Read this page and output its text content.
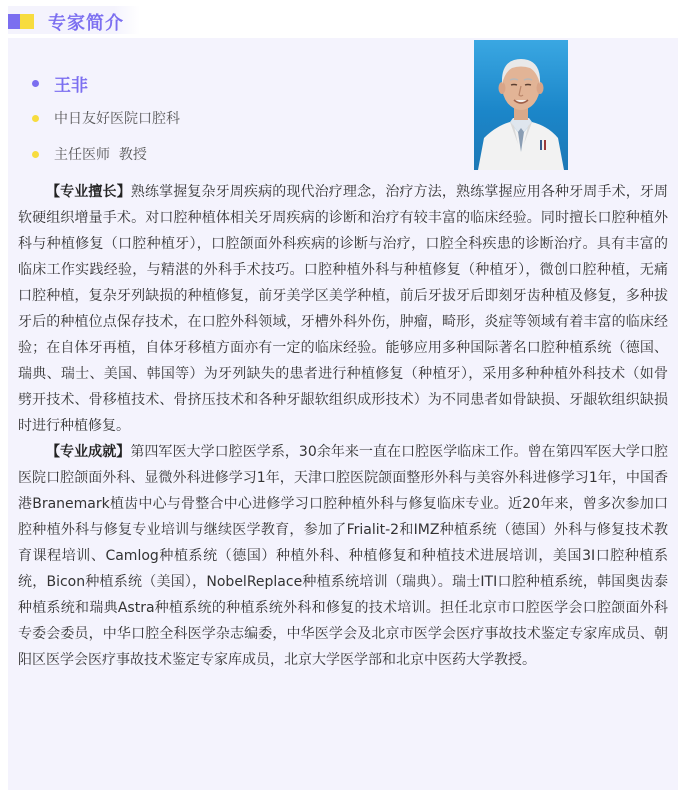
专家简介
王非
中日友好医院口腔科
主任医师  教授

【专业擅长】熟练掌握复杂牙周疾病的现代治疗理念，治疗方法，熟练掌握应用各种牙周手术，牙周软硬组织增量手术。对口腔种植体相关牙周疾病的诊断和治疗有较丰富的临床经验。同时擅长口腔种植外科与种植修复（口腔种植牙），口腔颌面外科疾病的诊断与治疗，口腔全科疾患的诊断治疗。具有丰富的临床工作实践经验，与精湛的外科手术技巧。口腔种植外科与种植修复（种植牙），微创口腔种植，无痛口腔种植，复杂牙列缺损的种植修复，前牙美学区美学种植，前后牙拔牙后即刻牙齿种植及修复，多种拔牙后的种植位点保存技术，在口腔外科领域，牙槽外科外伤，肿瘤，畸形，炎症等领域有着丰富的临床经验；在自体牙再植，自体牙移植方面亦有一定的临床经验。能够应用多种国际著名口腔种植系统（德国、瑞典、瑞士、美国、韩国等）为牙列缺失的患者进行种植修复（种植牙），采用多种种植外科技术（如骨劈开技术、骨移植技术、骨挤压技术和各种牙龈软组织成形技术）为不同患者如骨缺损、牙龈软组织缺损时进行种植修复。

【专业成就】第四军医大学口腔医学系，30余年来一直在口腔医学临床工作。曾在第四军医大学口腔医院口腔颌面外科、显微外科进修学习1年，天津口腔医院颌面整形外科与美容外科进修学习1年，中国香港Branemark植齿中心与骨整合中心进修学习口腔种植外科与修复临床专业。近20年来，曾多次参加口腔种植外科与修复专业培训与继续医学教育，参加了Frialit-2和IMZ种植系统（德国）外科与修复技术教育课程培训、Camlog种植系统（德国）种植外科、种植修复和种植技术进展培训，美国3I口腔种植系统，Bicon种植系统（美国），NobelReplace种植系统培训（瑞典）。瑞士ITI口腔种植系统，韩国奥齿泰种植系统和瑞典Astra种植系统的种植系统外科和修复的技术培训。担任北京市口腔医学会口腔颌面外科专委会委员，中华口腔全科医学杂志编委，中华医学会及北京市医学会医疗事故技术鉴定专家库成员、朝阳区医学会医疗事故技术鉴定专家库成员，北京大学医学部和北京中医药大学教授。
